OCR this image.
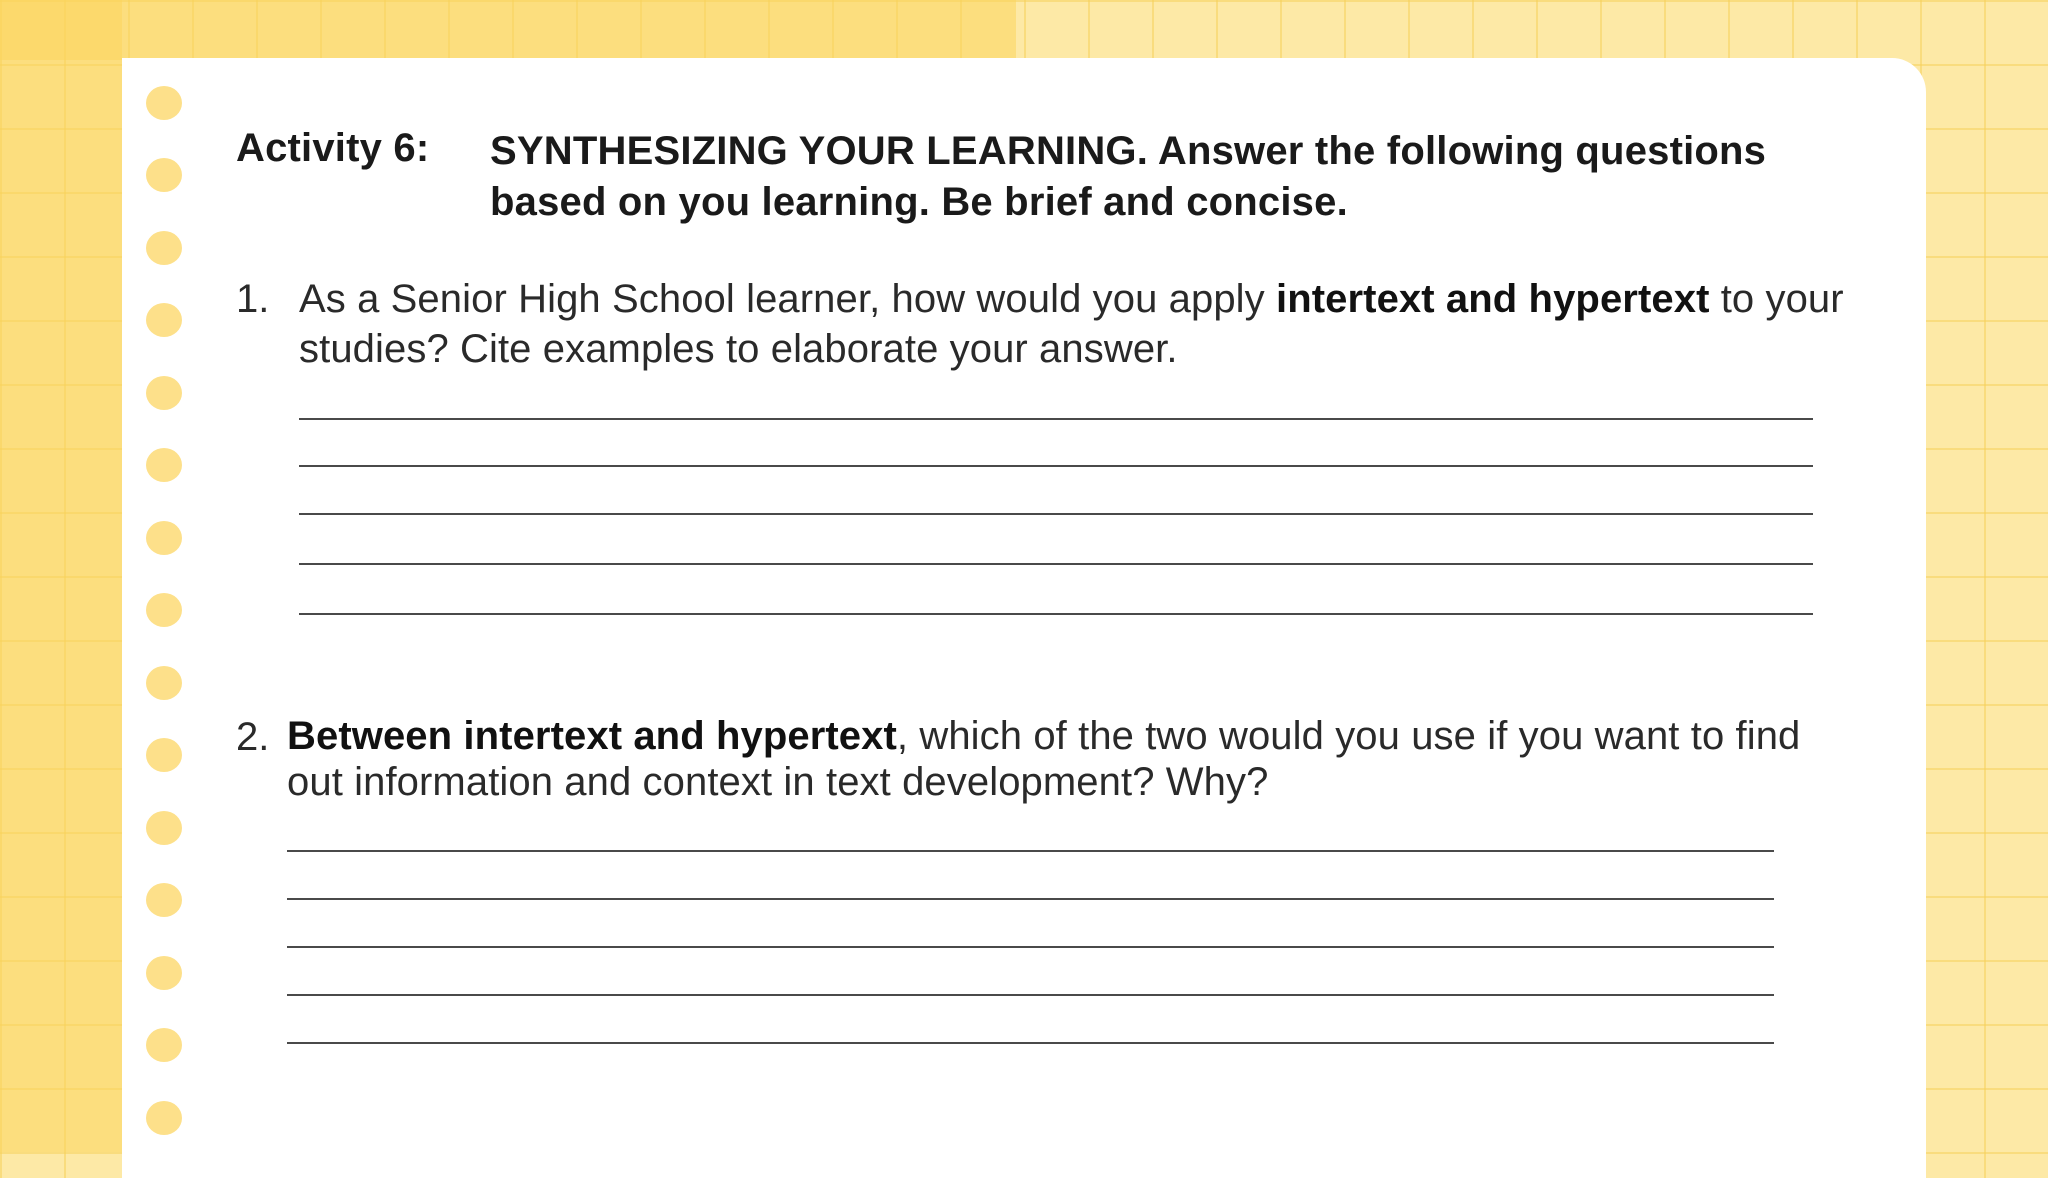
Activity 6: SYNTHESIZING YOUR LEARNING. Answer the following questions based on you learning. Be brief and concise.
1. As a Senior High School learner, how would you apply intertext and hypertext to your studies? Cite examples to elaborate your answer.
2. Between intertext and hypertext, which of the two would you use if you want to find out information and context in text development? Why?
